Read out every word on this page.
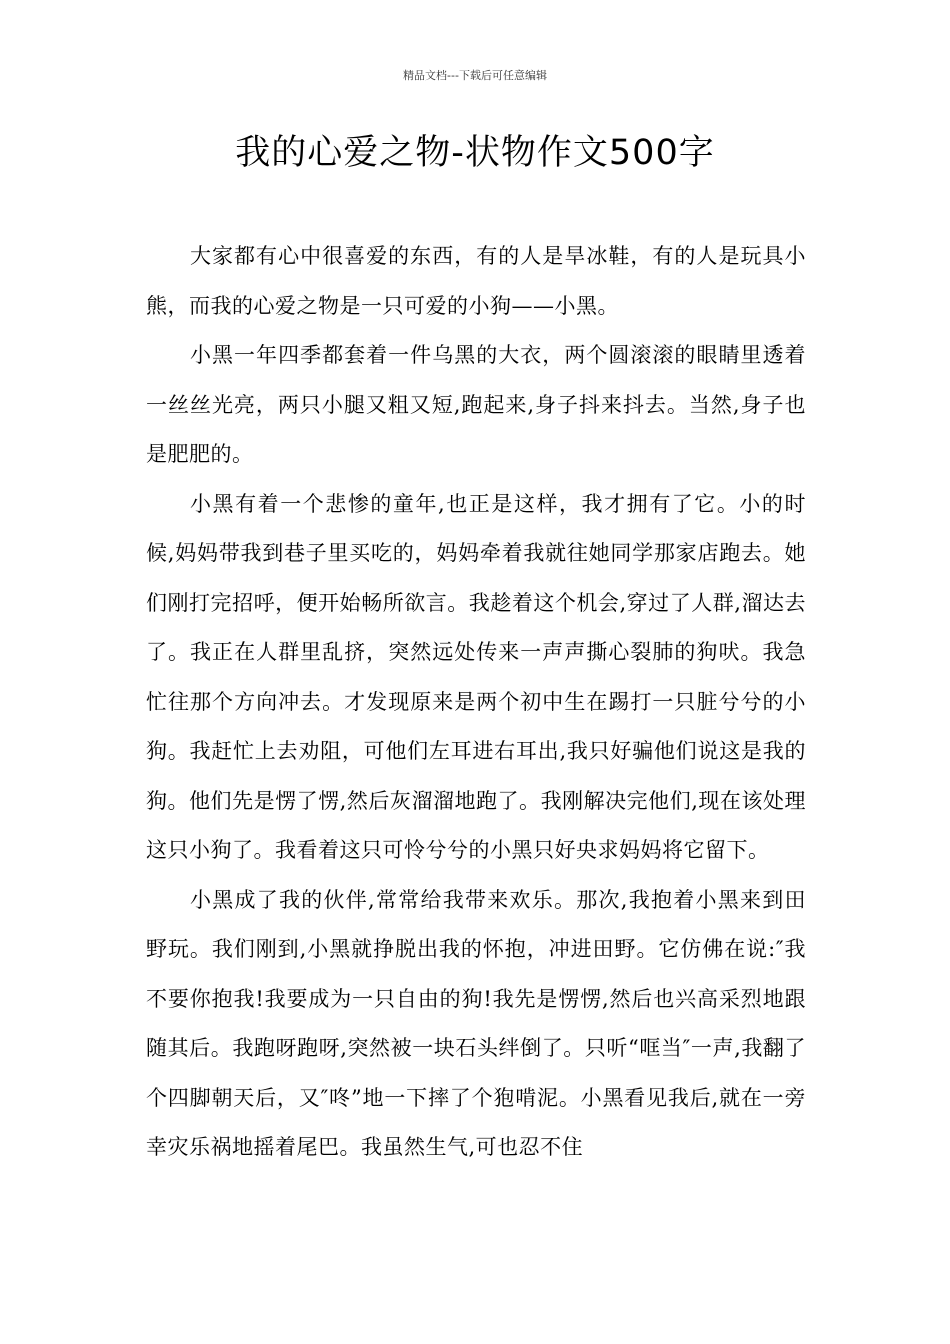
精品文档---下载后可任意编辑
我的心爱之物-状物作文500字

大家都有心中很喜爱的东西，有的人是旱冰鞋，有的人是玩具小熊，而我的心爱之物是一只可爱的小狗——小黑。

小黑一年四季都套着一件乌黑的大衣，两个圆滚滚的眼睛里透着一丝丝光亮，两只小腿又粗又短,跑起来,身子抖来抖去。当然,身子也是肥肥的。

小黑有着一个悲惨的童年,也正是这样，我才拥有了它。小的时候,妈妈带我到巷子里买吃的，妈妈牵着我就往她同学那家店跑去。她们刚打完招呼，便开始畅所欲言。我趁着这个机会,穿过了人群,溜达去了。我正在人群里乱挤，突然远处传来一声声撕心裂肺的狗吠。我急忙往那个方向冲去。才发现原来是两个初中生在踢打一只脏兮兮的小狗。我赶忙上去劝阻，可他们左耳进右耳出,我只好骗他们说这是我的狗。他们先是愣了愣,然后灰溜溜地跑了。我刚解决完他们,现在该处理这只小狗了。我看着这只可怜兮兮的小黑只好央求妈妈将它留下。

小黑成了我的伙伴,常常给我带来欢乐。那次,我抱着小黑来到田野玩。我们刚到,小黑就挣脱出我的怀抱，冲进田野。它仿佛在说:″我不要你抱我!我要成为一只自由的狗!我先是愣愣,然后也兴高采烈地跟随其后。我跑呀跑呀,突然被一块石头绊倒了。只听“哐当″一声,我翻了个四脚朝天后，又″咚”地一下摔了个狍啃泥。小黑看见我后,就在一旁幸灾乐祸地摇着尾巴。我虽然生气,可也忍不住
